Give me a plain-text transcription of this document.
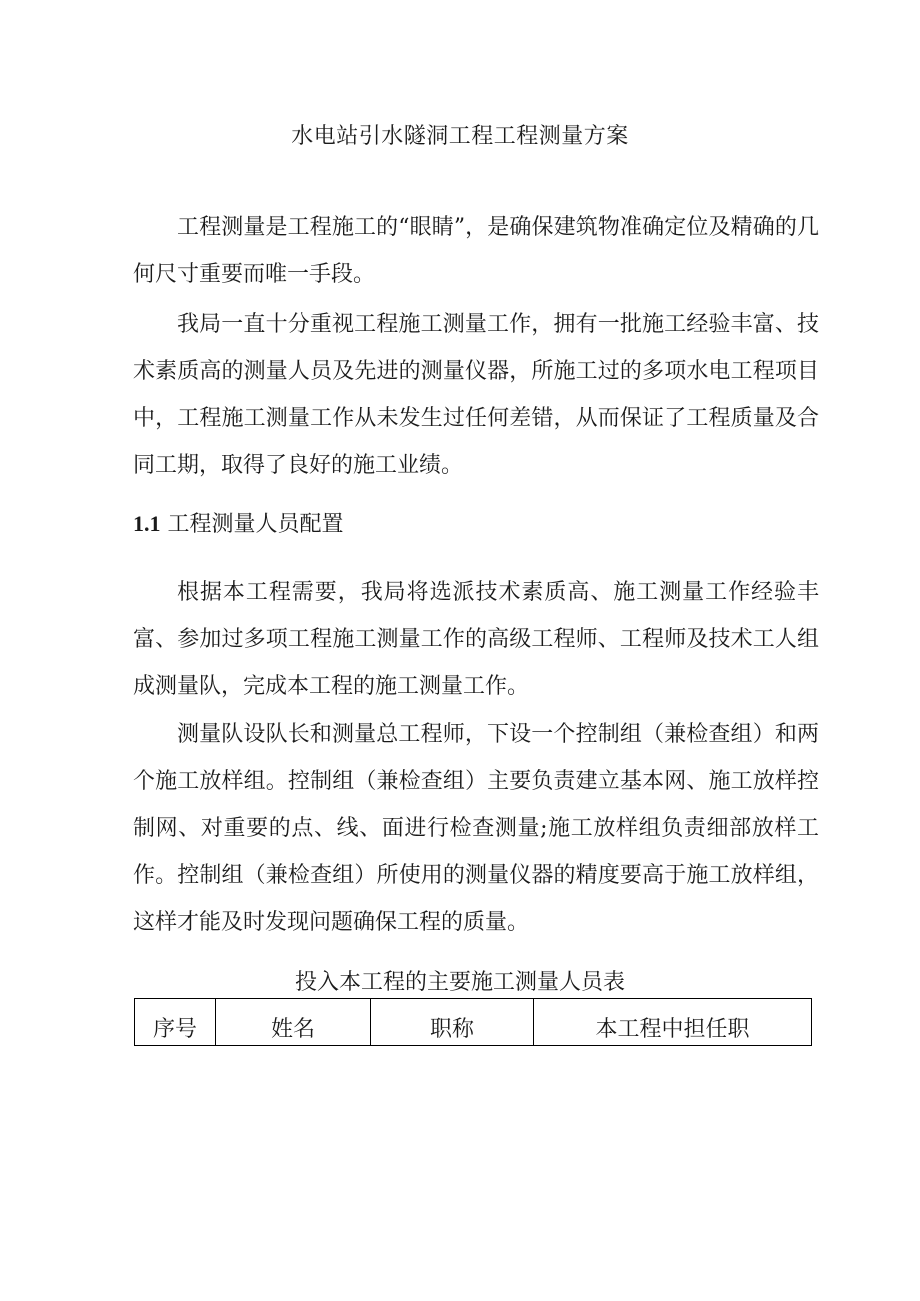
水电站引水隧洞工程工程测量方案

工程测量是工程施工的“眼睛”，是确保建筑物准确定位及精确的几何尺寸重要而唯一手段。

我局一直十分重视工程施工测量工作，拥有一批施工经验丰富、技术素质高的测量人员及先进的测量仪器，所施工过的多项水电工程项目中，工程施工测量工作从未发生过任何差错，从而保证了工程质量及合同工期，取得了良好的施工业绩。

1.1 工程测量人员配置

根据本工程需要，我局将选派技术素质高、施工测量工作经验丰富、参加过多项工程施工测量工作的高级工程师、工程师及技术工人组成测量队，完成本工程的施工测量工作。

测量队设队长和测量总工程师，下设一个控制组（兼检查组）和两个施工放样组。控制组（兼检查组）主要负责建立基本网、施工放样控制网、对重要的点、线、面进行检查测量;施工放样组负责细部放样工作。控制组（兼检查组）所使用的测量仪器的精度要高于施工放样组，这样才能及时发现问题确保工程的质量。

投入本工程的主要施工测量人员表
序号	姓名	职称	本工程中担任职
